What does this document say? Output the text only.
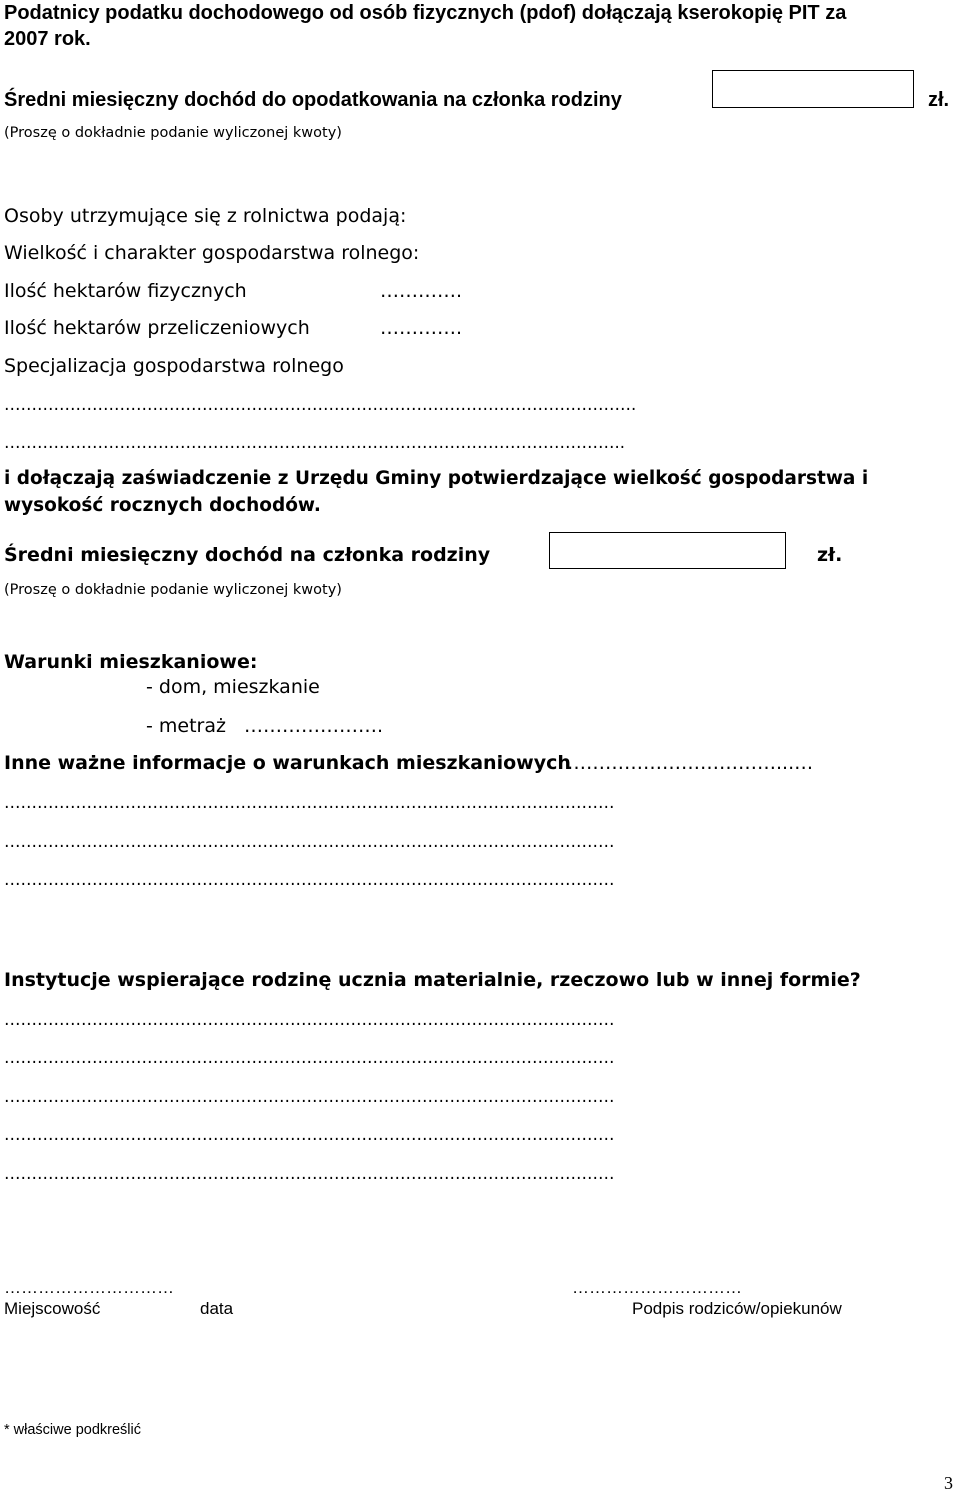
Podatnicy podatku dochodowego od osób fizycznych (pdof) dołączają kserokopię PIT za
2007 rok.
Średni miesięczny dochód do opodatkowania na członka rodziny	zł.
(Proszę o dokładnie podanie wyliczonej kwoty)
Osoby utrzymujące się z rolnictwa podają:
Wielkość i charakter gospodarstwa rolnego:
Ilość hektarów fizycznych	………….
Ilość hektarów przeliczeniowych	………….
Specjalizacja gospodarstwa rolnego
…………………………………………………………………………………………………….
…………………………………………………………………………………………………..
i dołączają zaświadczenie z Urzędu Gminy potwierdzające wielkość gospodarstwa i
wysokość rocznych dochodów.
Średni miesięczny dochód na członka rodziny	zł.
(Proszę o dokładnie podanie wyliczonej kwoty)
Warunki mieszkaniowe:
- dom, mieszkanie
- metraż ………………….
Inne ważne informacje o warunkach mieszkaniowych
……………………………...…
…………………………………………………………………………………………………
…………………………………………………………………………………………………
…………………………………………………………………………………………………
Instytucje wspierające rodzinę ucznia materialnie, rzeczowo lub w innej formie?
…………………………………………………………………………………………………
…………………………………………………………………………………………………
…………………………………………………………………………………………………
…………………………………………………………………………………………………
…………………………………………………………………………………………………
…………………………	…………………………
Miejscowość	data	Podpis rodziców/opiekunów
* właściwe podkreślić
3
